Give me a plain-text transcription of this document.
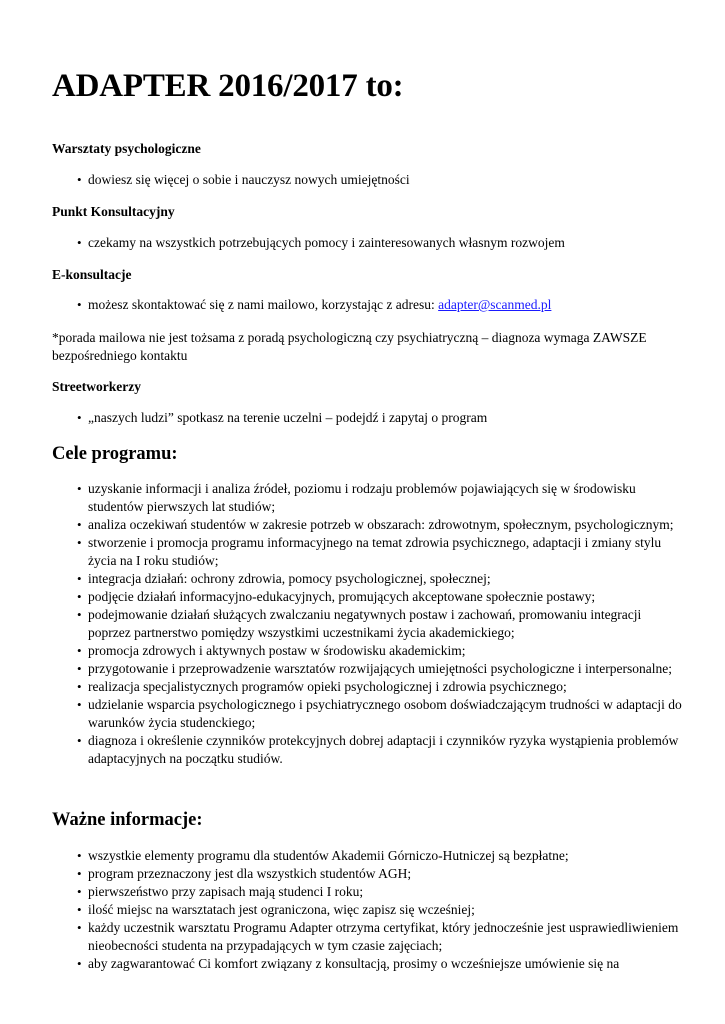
ADAPTER 2016/2017 to:

Warsztaty psychologiczne

• dowiesz się więcej o sobie i nauczysz nowych umiejętności

Punkt Konsultacyjny

• czekamy na wszystkich potrzebujących pomocy i zainteresowanych własnym rozwojem

E-konsultacje

• możesz skontaktować się z nami mailowo, korzystając z adresu: adapter@scanmed.pl

*porada mailowa nie jest tożsama z poradą psychologiczną czy psychiatryczną – diagnoza wymaga ZAWSZE bezpośredniego kontaktu

Streetworkerzy

• „naszych ludzi” spotkasz na terenie uczelni – podejdź i zapytaj o program
Cele programu:
• uzyskanie informacji i analiza źródeł, poziomu i rodzaju problemów pojawiających się w środowisku studentów pierwszych lat studiów;
• analiza oczekiwań studentów w zakresie potrzeb w obszarach: zdrowotnym, społecznym, psychologicznym;
• stworzenie i promocja programu informacyjnego na temat zdrowia psychicznego, adaptacji i zmiany stylu życia na I roku studiów;
• integracja działań: ochrony zdrowia, pomocy psychologicznej, społecznej;
• podjęcie działań informacyjno-edukacyjnych, promujących akceptowane społecznie postawy;
• podejmowanie działań służących zwalczaniu negatywnych postaw i zachowań, promowaniu integracji poprzez partnerstwo pomiędzy wszystkimi uczestnikami życia akademickiego;
• promocja zdrowych i aktywnych postaw w środowisku akademickim;
• przygotowanie i przeprowadzenie warsztatów rozwijających umiejętności psychologiczne i interpersonalne;
• realizacja specjalistycznych programów opieki psychologicznej i zdrowia psychicznego;
• udzielanie wsparcia psychologicznego i psychiatrycznego osobom doświadczającym trudności w adaptacji do warunków życia studenckiego;
• diagnoza i określenie czynników protekcyjnych dobrej adaptacji i czynników ryzyka wystąpienia problemów adaptacyjnych na początku studiów.
Ważne informacje:
• wszystkie elementy programu dla studentów Akademii Górniczo-Hutniczej są bezpłatne;
• program przeznaczony jest dla wszystkich studentów AGH;
• pierwszeństwo przy zapisach mają studenci I roku;
• ilość miejsc na warsztatach jest ograniczona, więc zapisz się wcześniej;
• każdy uczestnik warsztatu Programu Adapter otrzyma certyfikat, który jednocześnie jest usprawiedliwieniem nieobecności studenta na przypadających w tym czasie zajęciach;
• aby zagwarantować Ci komfort związany z konsultacją, prosimy o wcześniejsze umówienie się na
